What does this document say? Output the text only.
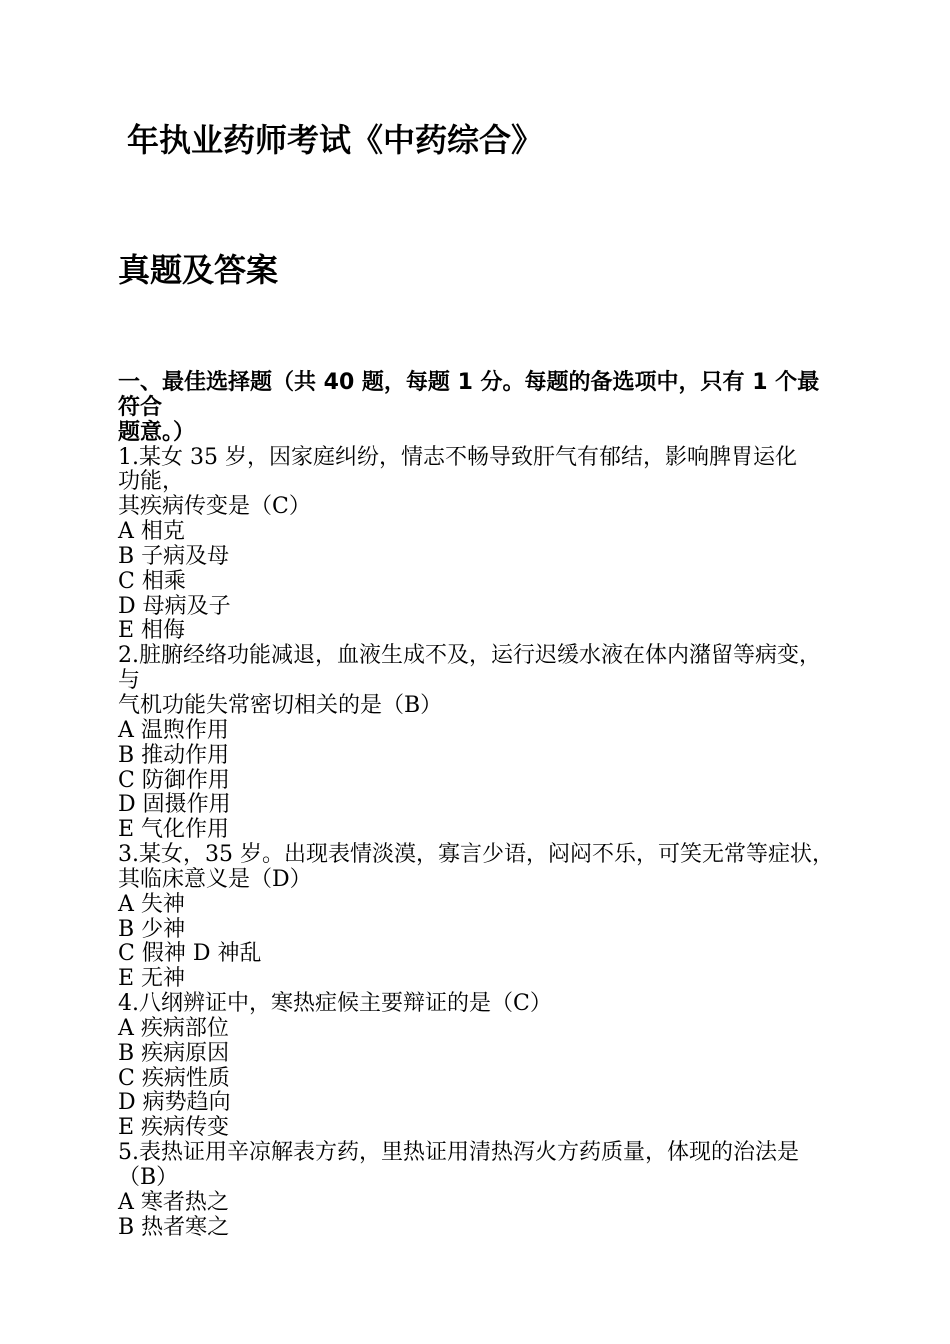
年执业药师考试《中药综合》
真题及答案
一、最佳选择题（共 40 题，每题 1 分。每题的备选项中，只有 1 个最
符合
题意。）
1.某女 35 岁，因家庭纠纷，情志不畅导致肝气有郁结，影响脾胃运化
功能，
其疾病传变是（C）
A 相克
B 子病及母
C 相乘
D 母病及子
E 相侮
2.脏腑经络功能减退，血液生成不及，运行迟缓水液在体内潴留等病变，
与
气机功能失常密切相关的是（B）
A 温煦作用
B 推动作用
C 防御作用
D 固摄作用
E 气化作用
3.某女，35 岁。出现表情淡漠，寡言少语，闷闷不乐，可笑无常等症状，
其临床意义是（D）
A 失神
B 少神
C 假神 D 神乱
E 无神
4.八纲辨证中，寒热症候主要辩证的是（C）
A 疾病部位
B 疾病原因
C 疾病性质
D 病势趋向
E 疾病传变
5.表热证用辛凉解表方药，里热证用清热泻火方药质量，体现的治法是
（B）
A 寒者热之
B 热者寒之
